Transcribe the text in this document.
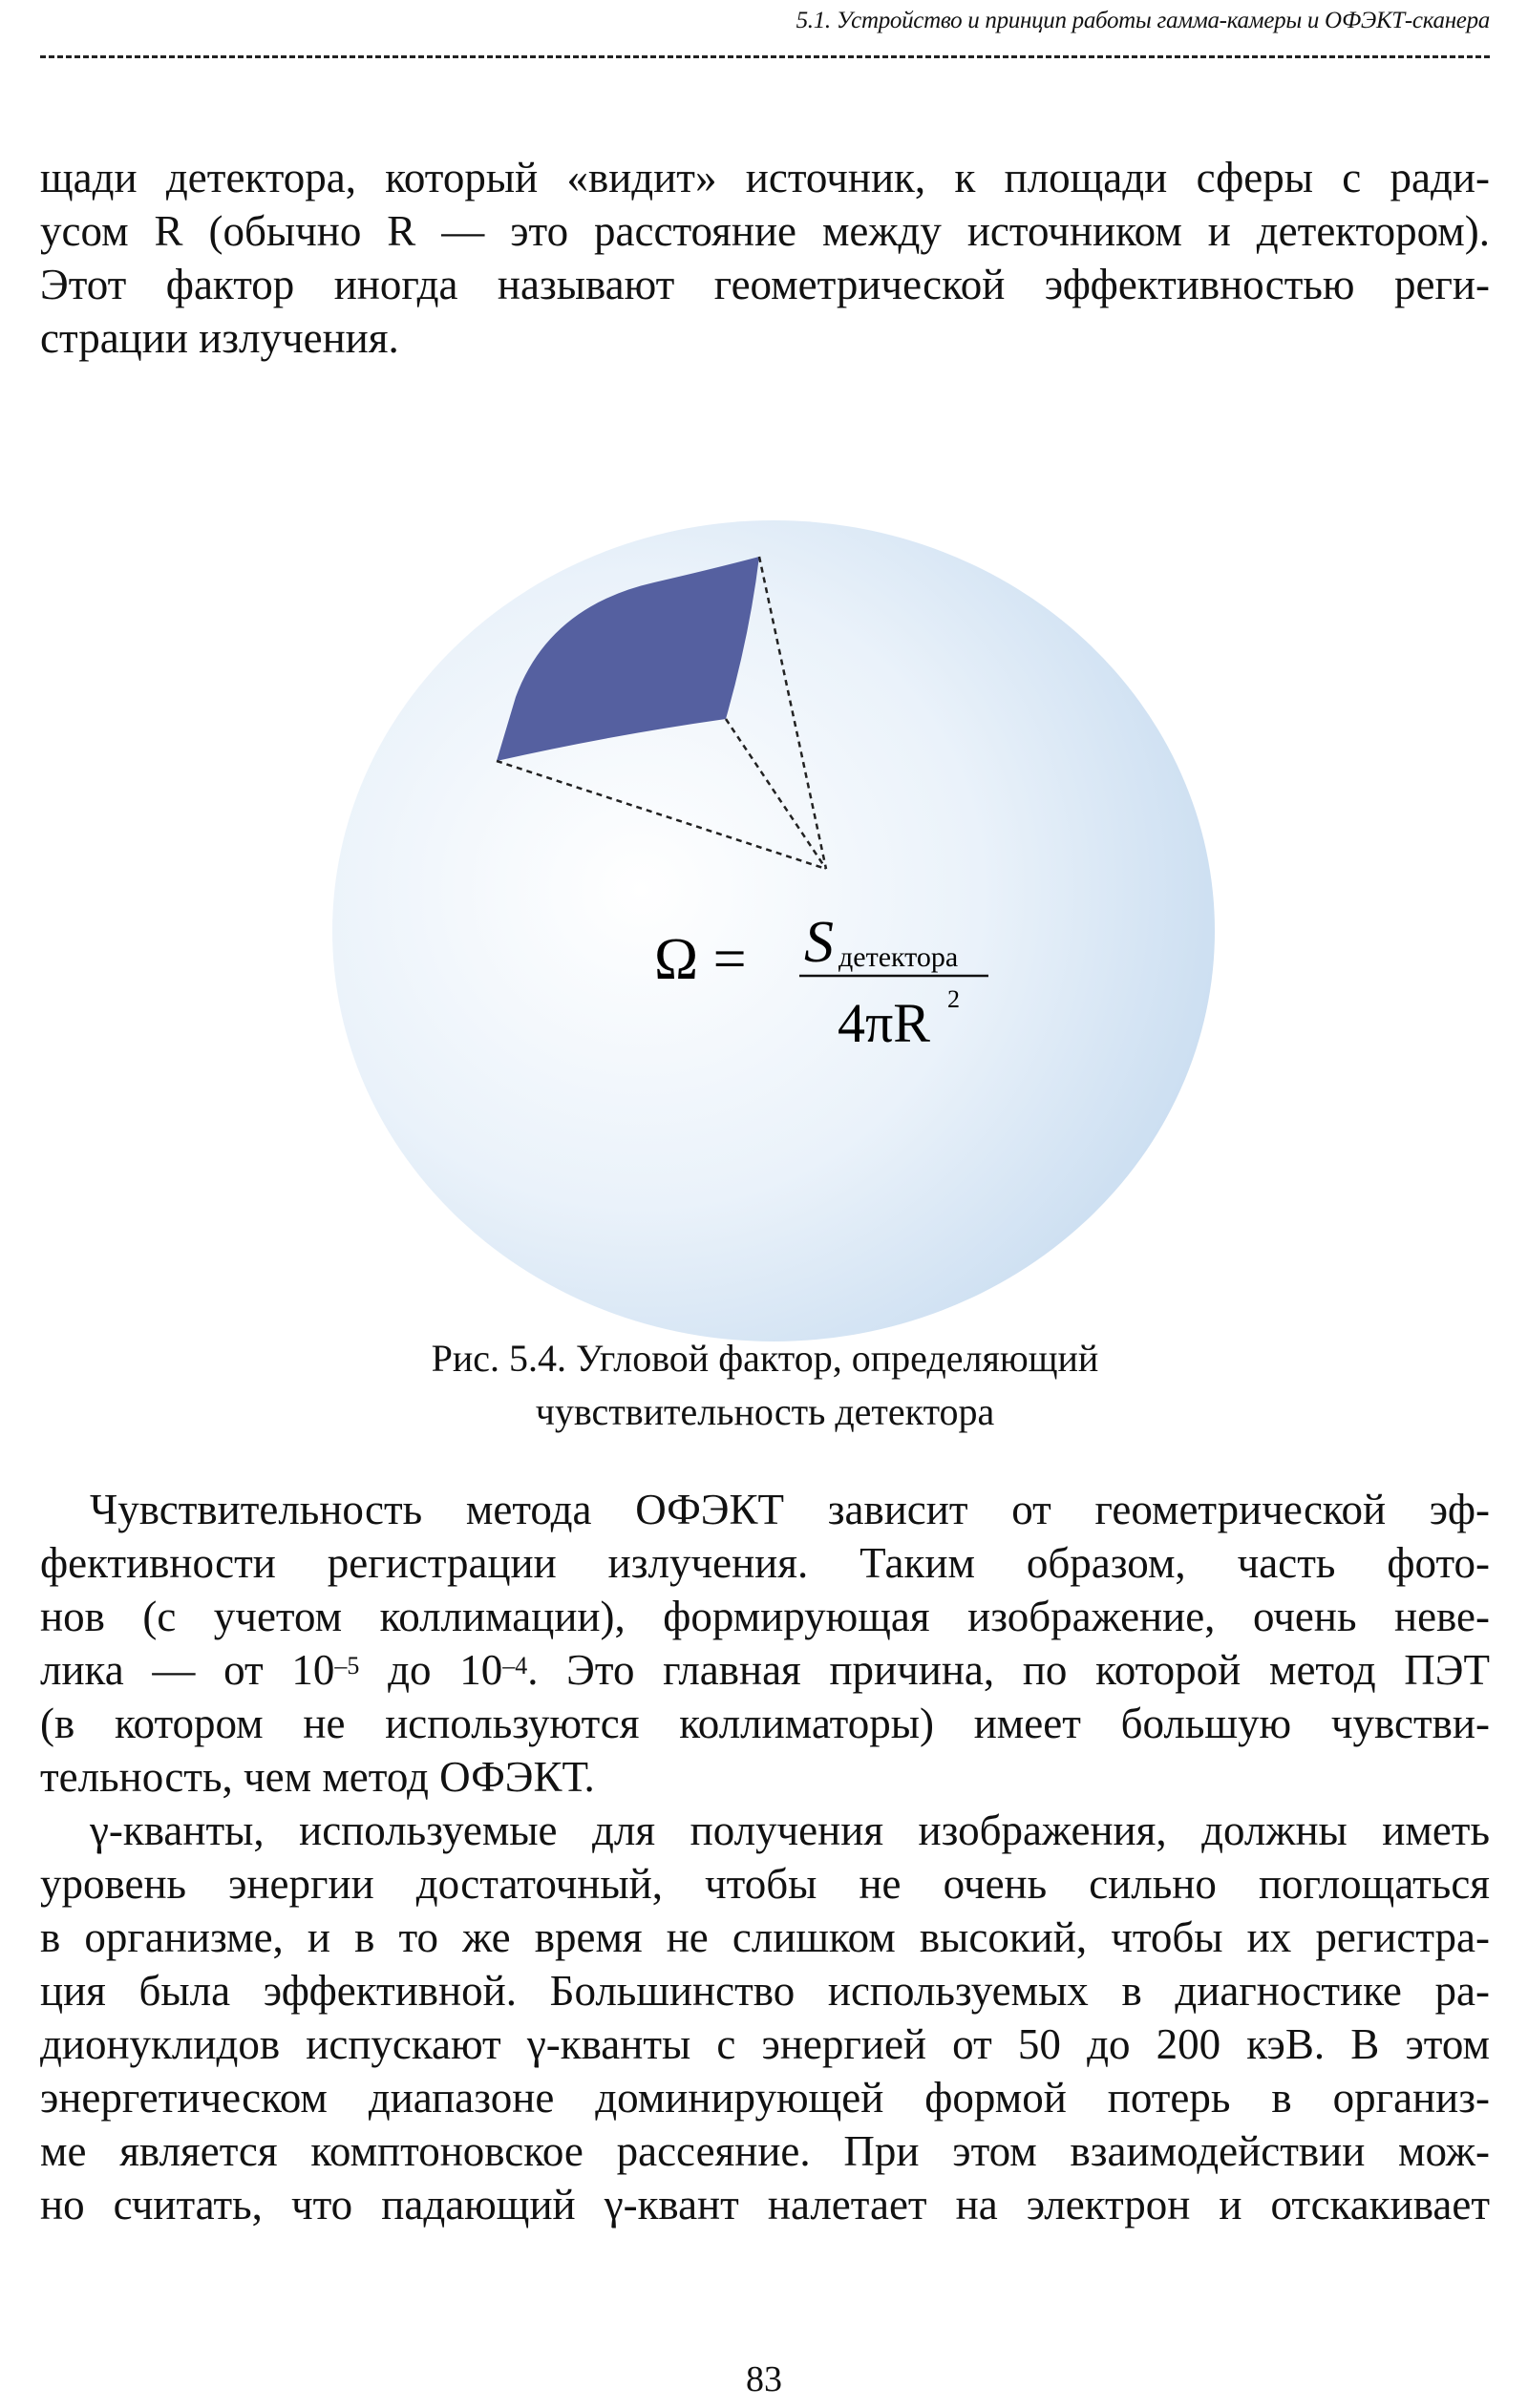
5.1. Устройство и принцип работы гамма-камеры и ОФЭКТ-сканера
щади детектора, который «видит» источник, к площади сферы с ради-
усом R (обычно R — это расстояние между источником и детектором).
Этот фактор иногда называют геометрической эффективностью реги-
страции излучения.
Ω = S детектора
4πR 2
Рис. 5.4. Угловой фактор, определяющий
чувствительность детектора
Чувствительность метода ОФЭКТ зависит от геометрической эф-
фективности регистрации излучения. Таким образом, часть фото-
нов (с учетом коллимации), формирующая изображение, очень неве-
лика — от $10^{-5}$ до $10^{-4}$. Это главная причина, по которой метод ПЭТ
(в котором не используются коллиматоры) имеет большую чувстви-
тельность, чем метод ОФЭКТ.
γ-кванты, используемые для получения изображения, должны иметь
уровень энергии достаточный, чтобы не очень сильно поглощаться
в организме, и в то же время не слишком высокий, чтобы их регистра-
ция была эффективной. Большинство используемых в диагностике ра-
дионуклидов испускают γ-кванты с энергией от 50 до 200 кэВ. В этом
энергетическом диапазоне доминирующей формой потерь в организ-
ме является комптоновское рассеяние. При этом взаимодействии мож-
но считать, что падающий γ-квант налетает на электрон и отскакивает
83
